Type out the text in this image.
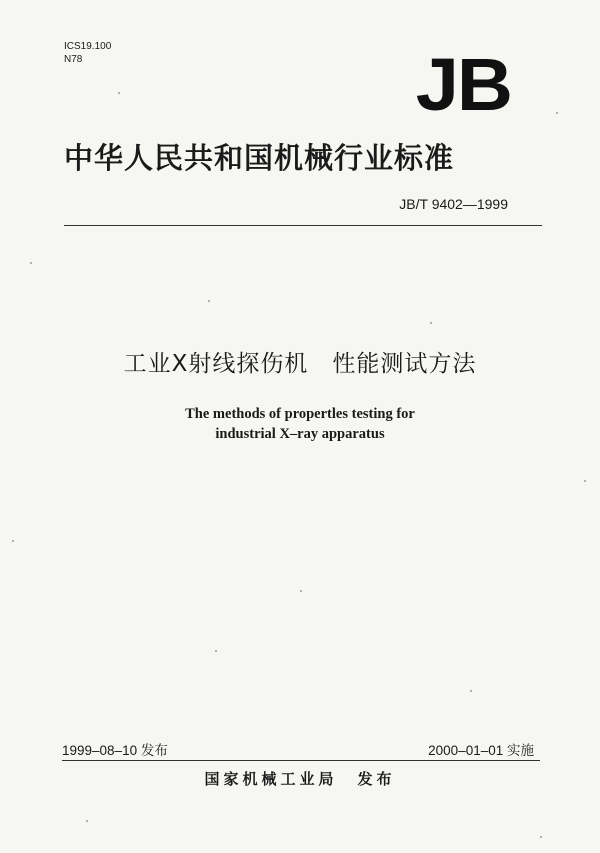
ICS19.100
N78	JB
中华人民共和国机械行业标准
JB/T 9402—1999
工业X射线探伤机　性能测试方法
The methods of propertles testing for
industrial X–ray apparatus
1999–08–10 发布	2000–01–01 实施
国家机械工业局 发布
